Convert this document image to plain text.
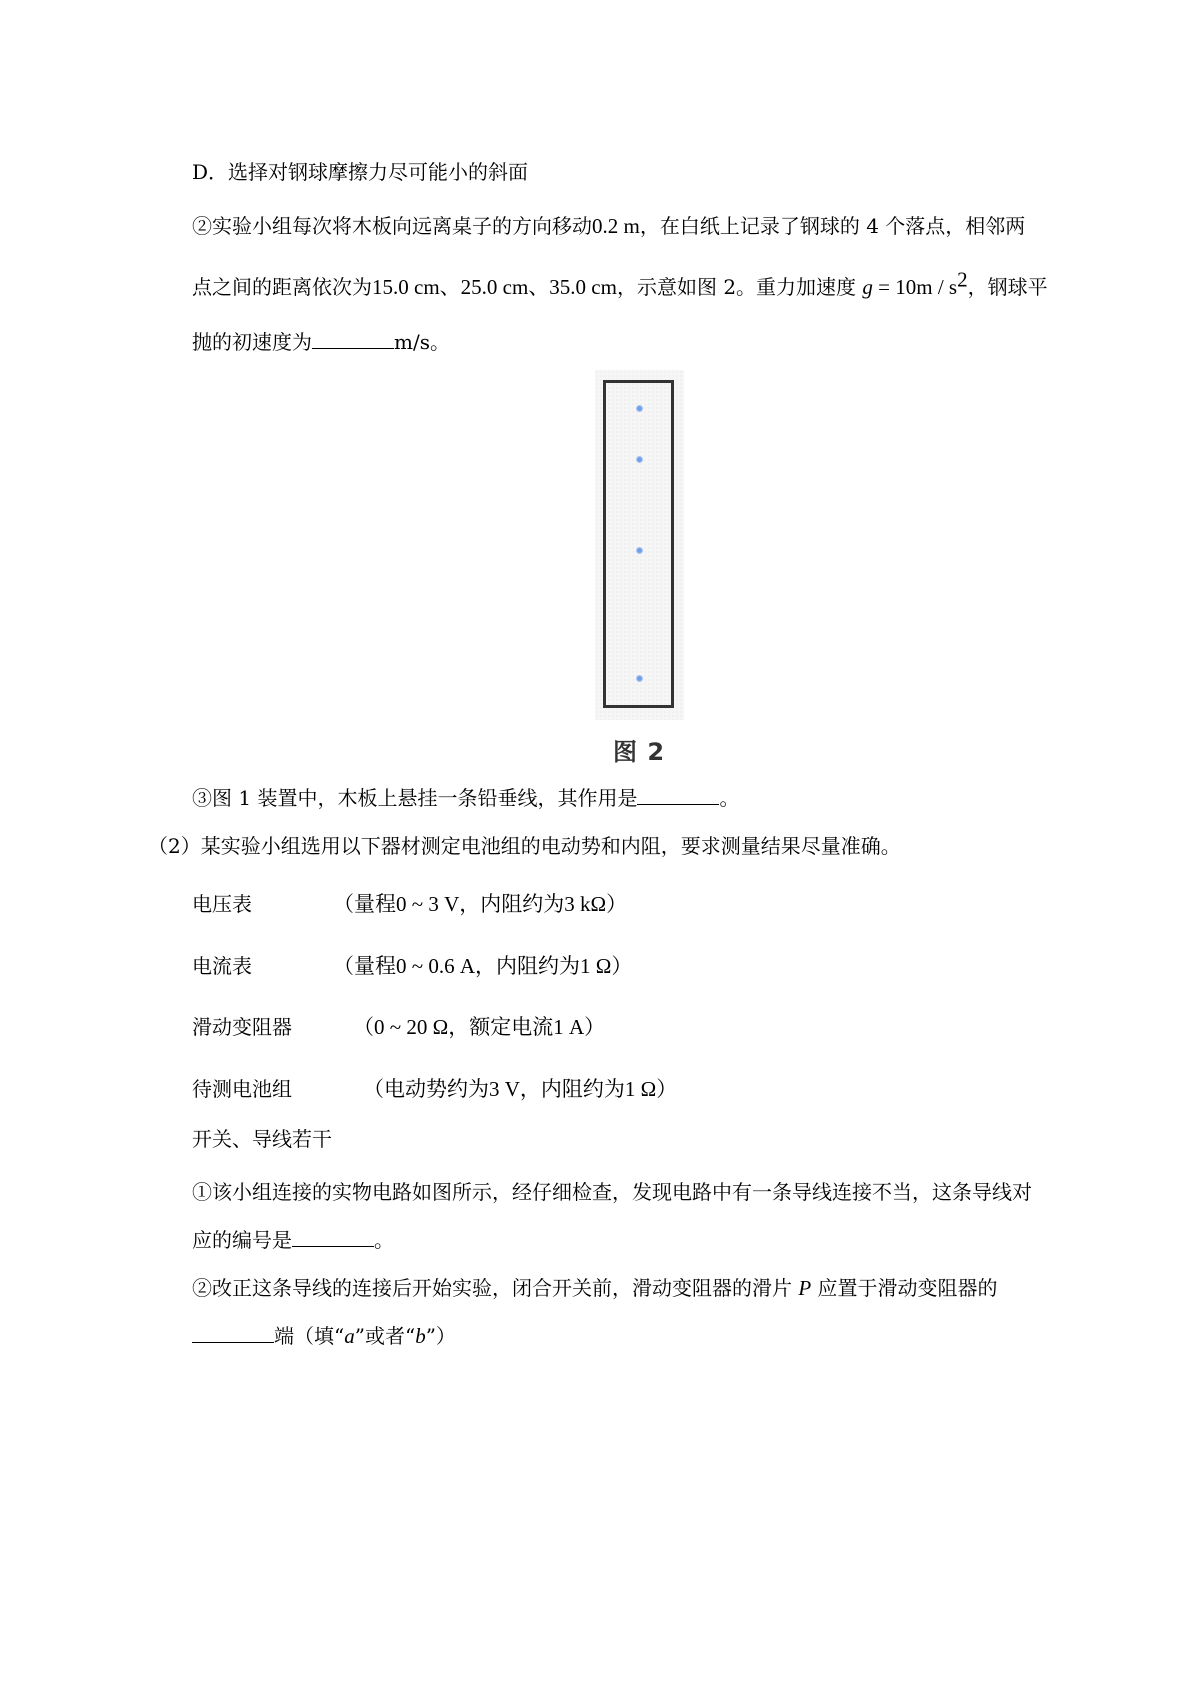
D．选择对钢球摩擦力尽可能小的斜面
②实验小组每次将木板向远离桌子的方向移动0.2 m，在白纸上记录了钢球的 4 个落点，相邻两
点之间的距离依次为15.0 cm、25.0 cm、35.0 cm，示意如图 2。重力加速度 $g = 10m / s^2$，钢球平
抛的初速度为	m/s。
图 2
③图 1 装置中，木板上悬挂一条铅垂线，其作用是	。
（2）某实验小组选用以下器材测定电池组的电动势和内阻，要求测量结果尽量准确。
电压表	（量程0 ~ 3 V，内阻约为3 kΩ）
电流表	（量程0 ~ 0.6 A，内阻约为1 Ω）
滑动变阻器	（0 ~ 20 Ω，额定电流1 A）
待测电池组	（电动势约为3 V，内阻约为1 Ω）
开关、导线若干
①该小组连接的实物电路如图所示，经仔细检查，发现电路中有一条导线连接不当，这条导线对
应的编号是	。
②改正这条导线的连接后开始实验，闭合开关前，滑动变阻器的滑片 P 应置于滑动变阻器的
端（填“a”或者“b”）
